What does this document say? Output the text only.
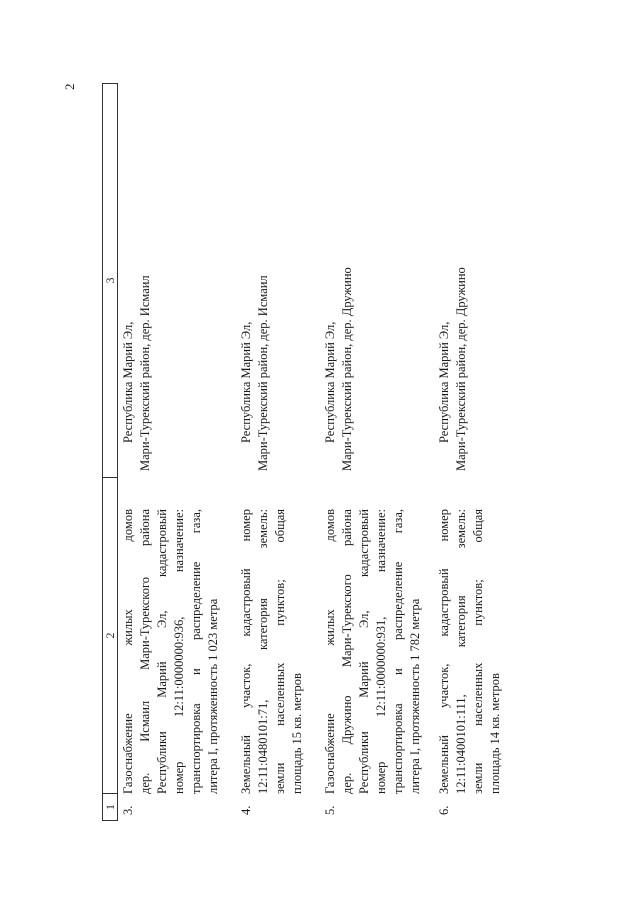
2
1
2
3
3.
Газоснабжение жилых домов дер. Исмаил Мари-Турекского района Республики Марий Эл, кадастровый номер 12:11:0000000:936, назначение: транспортировка и распределение газа, литера I, протяженность 1 023 метра
Республика Марий Эл, Мари-Турекский район, дер. Исмаил
4.
Земельный участок, кадастровый номер 12:11:0480101:71, категория земель: земли населенных пунктов; общая площадь 15 кв. метров
Республика Марий Эл, Мари-Турекский район, дер. Исмаил
5.
Газоснабжение жилых домов дер. Дружино Мари-Турекского района Республики Марий Эл, кадастровый номер 12:11:0000000:931, назначение: транспортировка и распределение газа, литера I, протяженность 1 782 метра
Республика Марий Эл, Мари-Турекский район, дер. Дружино
6.
Земельный участок, кадастровый номер 12:11:0400101:111, категория земель: земли населенных пунктов; общая площадь 14 кв. метров
Республика Марий Эл, Мари-Турекский район, дер. Дружино
